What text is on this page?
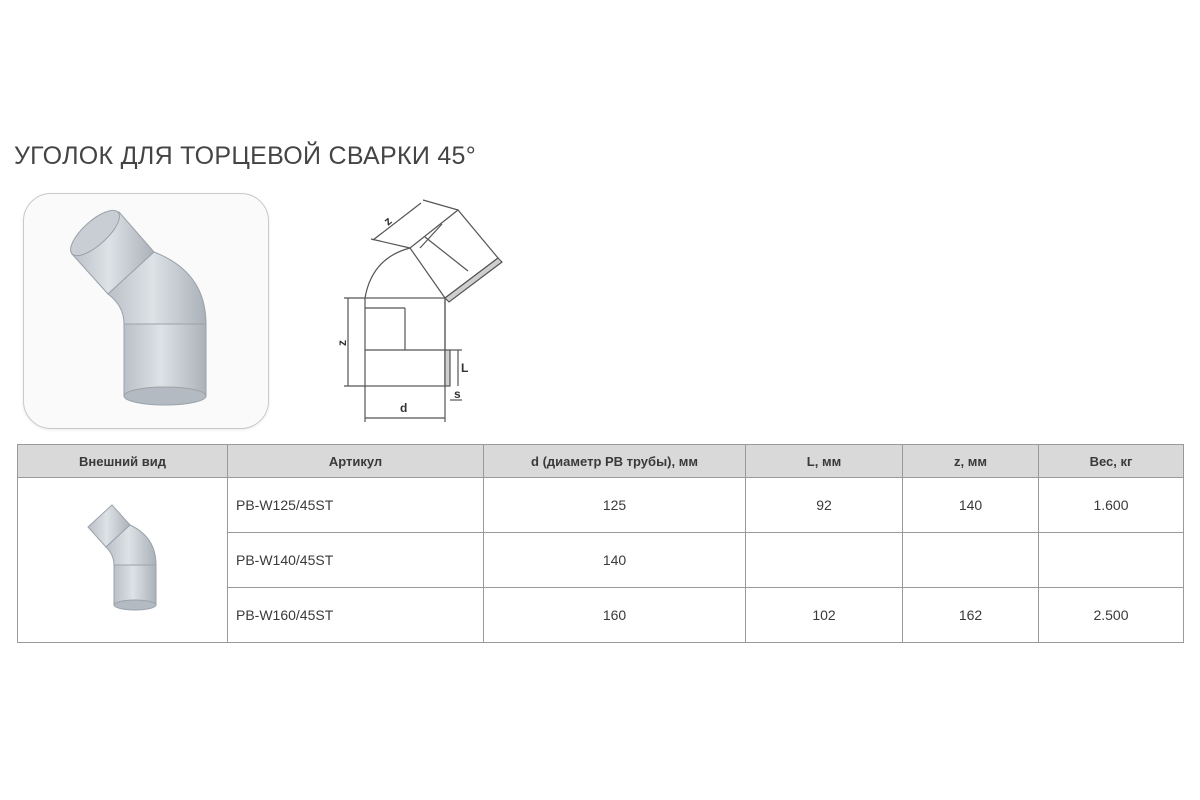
УГОЛОК ДЛЯ ТОРЦЕВОЙ СВАРКИ 45°
z
z
L
d
s
Внешний вид	Артикул	d (диаметр PB трубы), мм	L, мм	z, мм	Вес, кг
	PB-W125/45ST	125	92	140	1.600
	PB-W140/45ST	140			
	PB-W160/45ST	160	102	162	2.500
